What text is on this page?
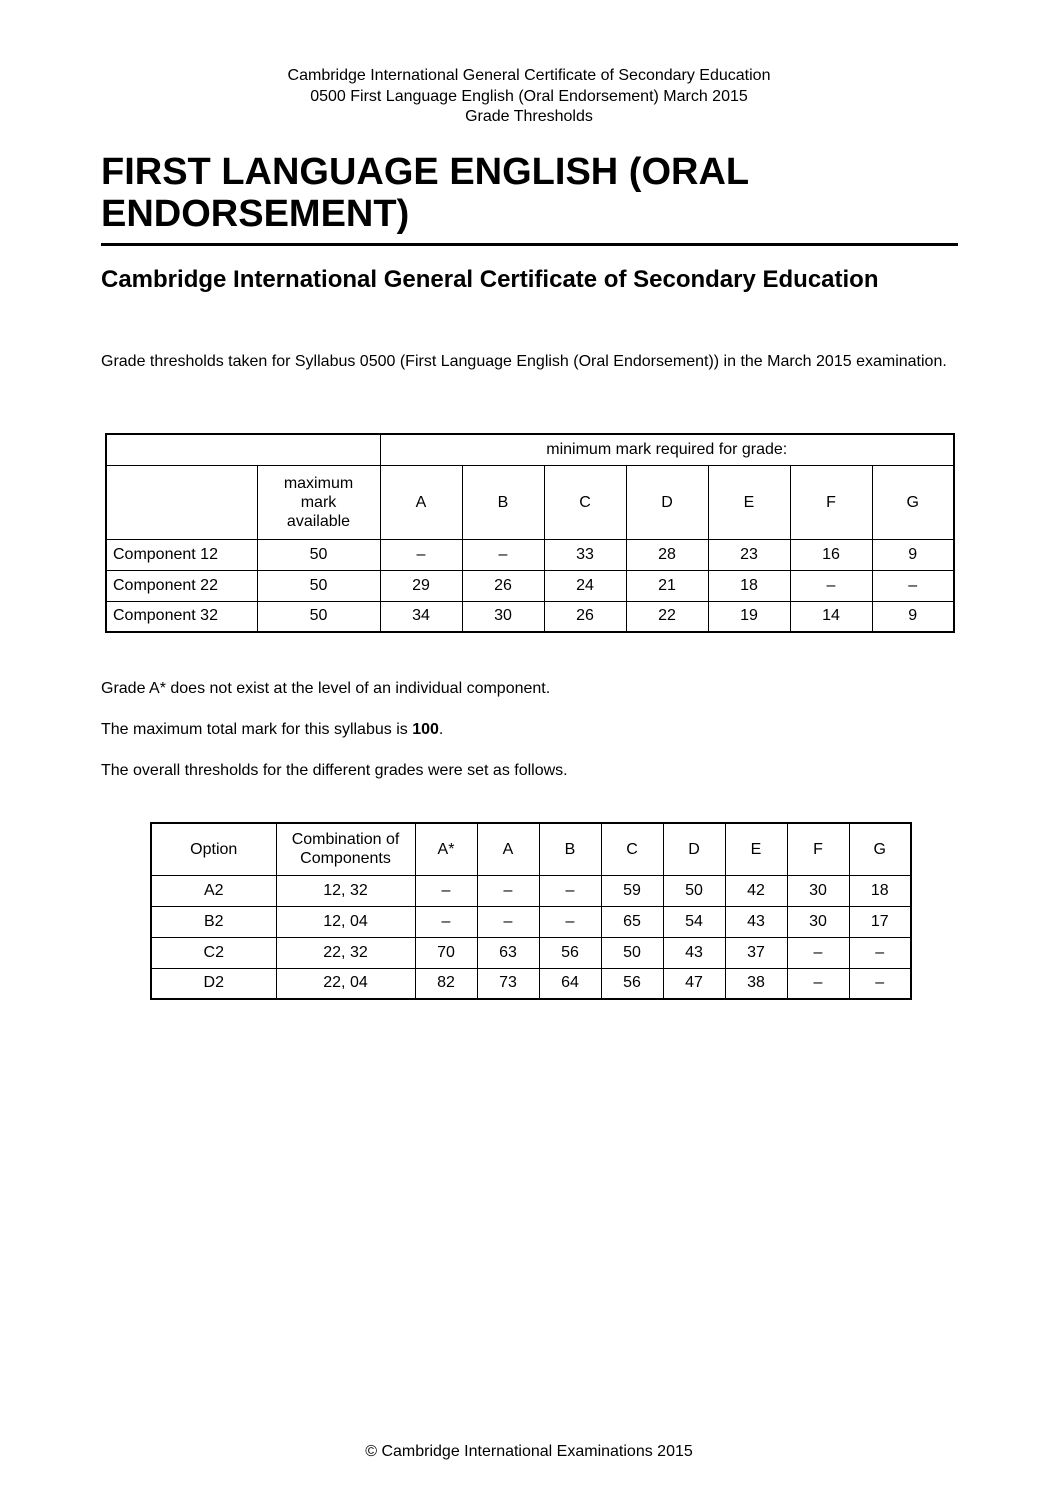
Cambridge International General Certificate of Secondary Education
0500 First Language English (Oral Endorsement) March 2015
Grade Thresholds
FIRST LANGUAGE ENGLISH (ORAL ENDORSEMENT)
Cambridge International General Certificate of Secondary Education

Grade thresholds taken for Syllabus 0500 (First Language English (Oral Endorsement)) in the March 2015 examination.

		minimum mark required for grade:						

	maximum mark available	A	B	C	D	E	F	G
Component 12	50	–	–	33	28	23	16	9
Component 22	50	29	26	24	21	18	–	–
Component 32	50	34	30	26	22	19	14	9

Grade A* does not exist at the level of an individual component.

The maximum total mark for this syllabus is 100.

The overall thresholds for the different grades were set as follows.

Option	Combination of Components	A*	A	B	C	D	E	F	G
A2	12, 32	–	–	–	59	50	42	30	18
B2	12, 04	–	–	–	65	54	43	30	17
C2	22, 32	70	63	56	50	43	37	–	–
D2	22, 04	82	73	64	56	47	38	–	–
© Cambridge International Examinations 2015
